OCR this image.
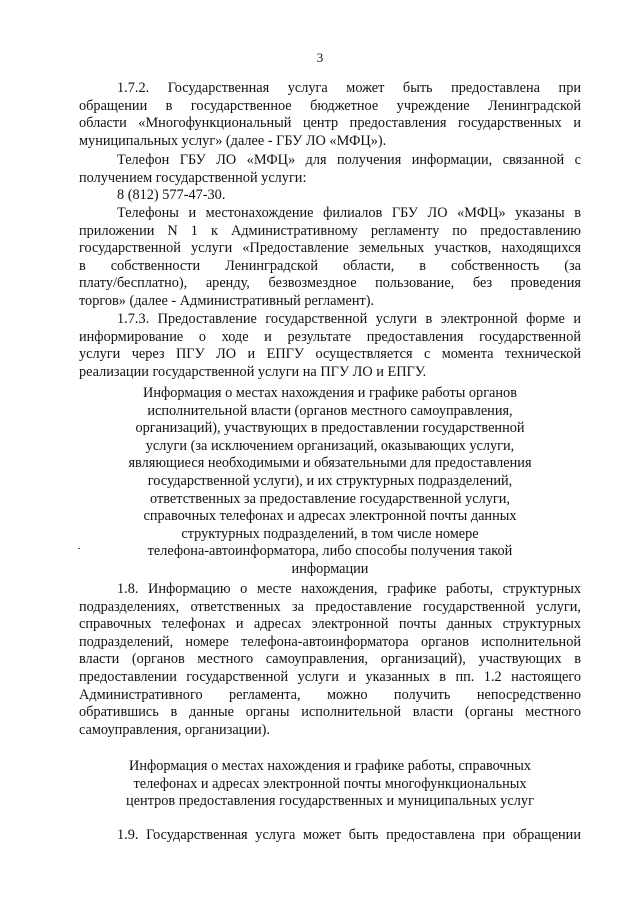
3
1.7.2. Государственная услуга может быть предоставлена при
обращении в государственное бюджетное учреждение Ленинградской
области «Многофункциональный центр предоставления государственных и
муниципальных услуг» (далее - ГБУ ЛО «МФЦ»).
Телефон ГБУ ЛО «МФЦ» для получения информации, связанной с
получением государственной услуги:
8 (812) 577-47-30.
Телефоны и местонахождение филиалов ГБУ ЛО «МФЦ» указаны в
приложении N 1 к Административному регламенту по предоставлению
государственной услуги «Предоставление земельных участков, находящихся
в собственности Ленинградской области, в собственность (за
плату/бесплатно), аренду, безвозмездное пользование, без проведения
торгов» (далее - Административный регламент).
1.7.3. Предоставление государственной услуги в электронной форме и
информирование о ходе и результате предоставления государственной
услуги через ПГУ ЛО и ЕПГУ осуществляется с момента технической
реализации государственной услуги на ПГУ ЛО и ЕПГУ.
Информация о местах нахождения и графике работы органов
исполнительной власти (органов местного самоуправления,
организаций), участвующих в предоставлении государственной
услуги (за исключением организаций, оказывающих услуги,
являющиеся необходимыми и обязательными для предоставления
государственной услуги), и их структурных подразделений,
ответственных за предоставление государственной услуги,
справочных телефонах и адресах электронной почты данных
структурных подразделений, в том числе номере
телефона-автоинформатора, либо способы получения такой
информации
1.8. Информацию о месте нахождения, графике работы, структурных
подразделениях, ответственных за предоставление государственной услуги,
справочных телефонах и адресах электронной почты данных структурных
подразделений, номере телефона-автоинформатора органов исполнительной
власти (органов местного самоуправления, организаций), участвующих в
предоставлении государственной услуги и указанных в пп. 1.2 настоящего
Административного регламента, можно получить непосредственно
обратившись в данные органы исполнительной власти (органы местного
самоуправления, организации).
Информация о местах нахождения и графике работы, справочных
телефонах и адресах электронной почты многофункциональных
центров предоставления государственных и муниципальных услуг
1.9. Государственная услуга может быть предоставлена при обращении
